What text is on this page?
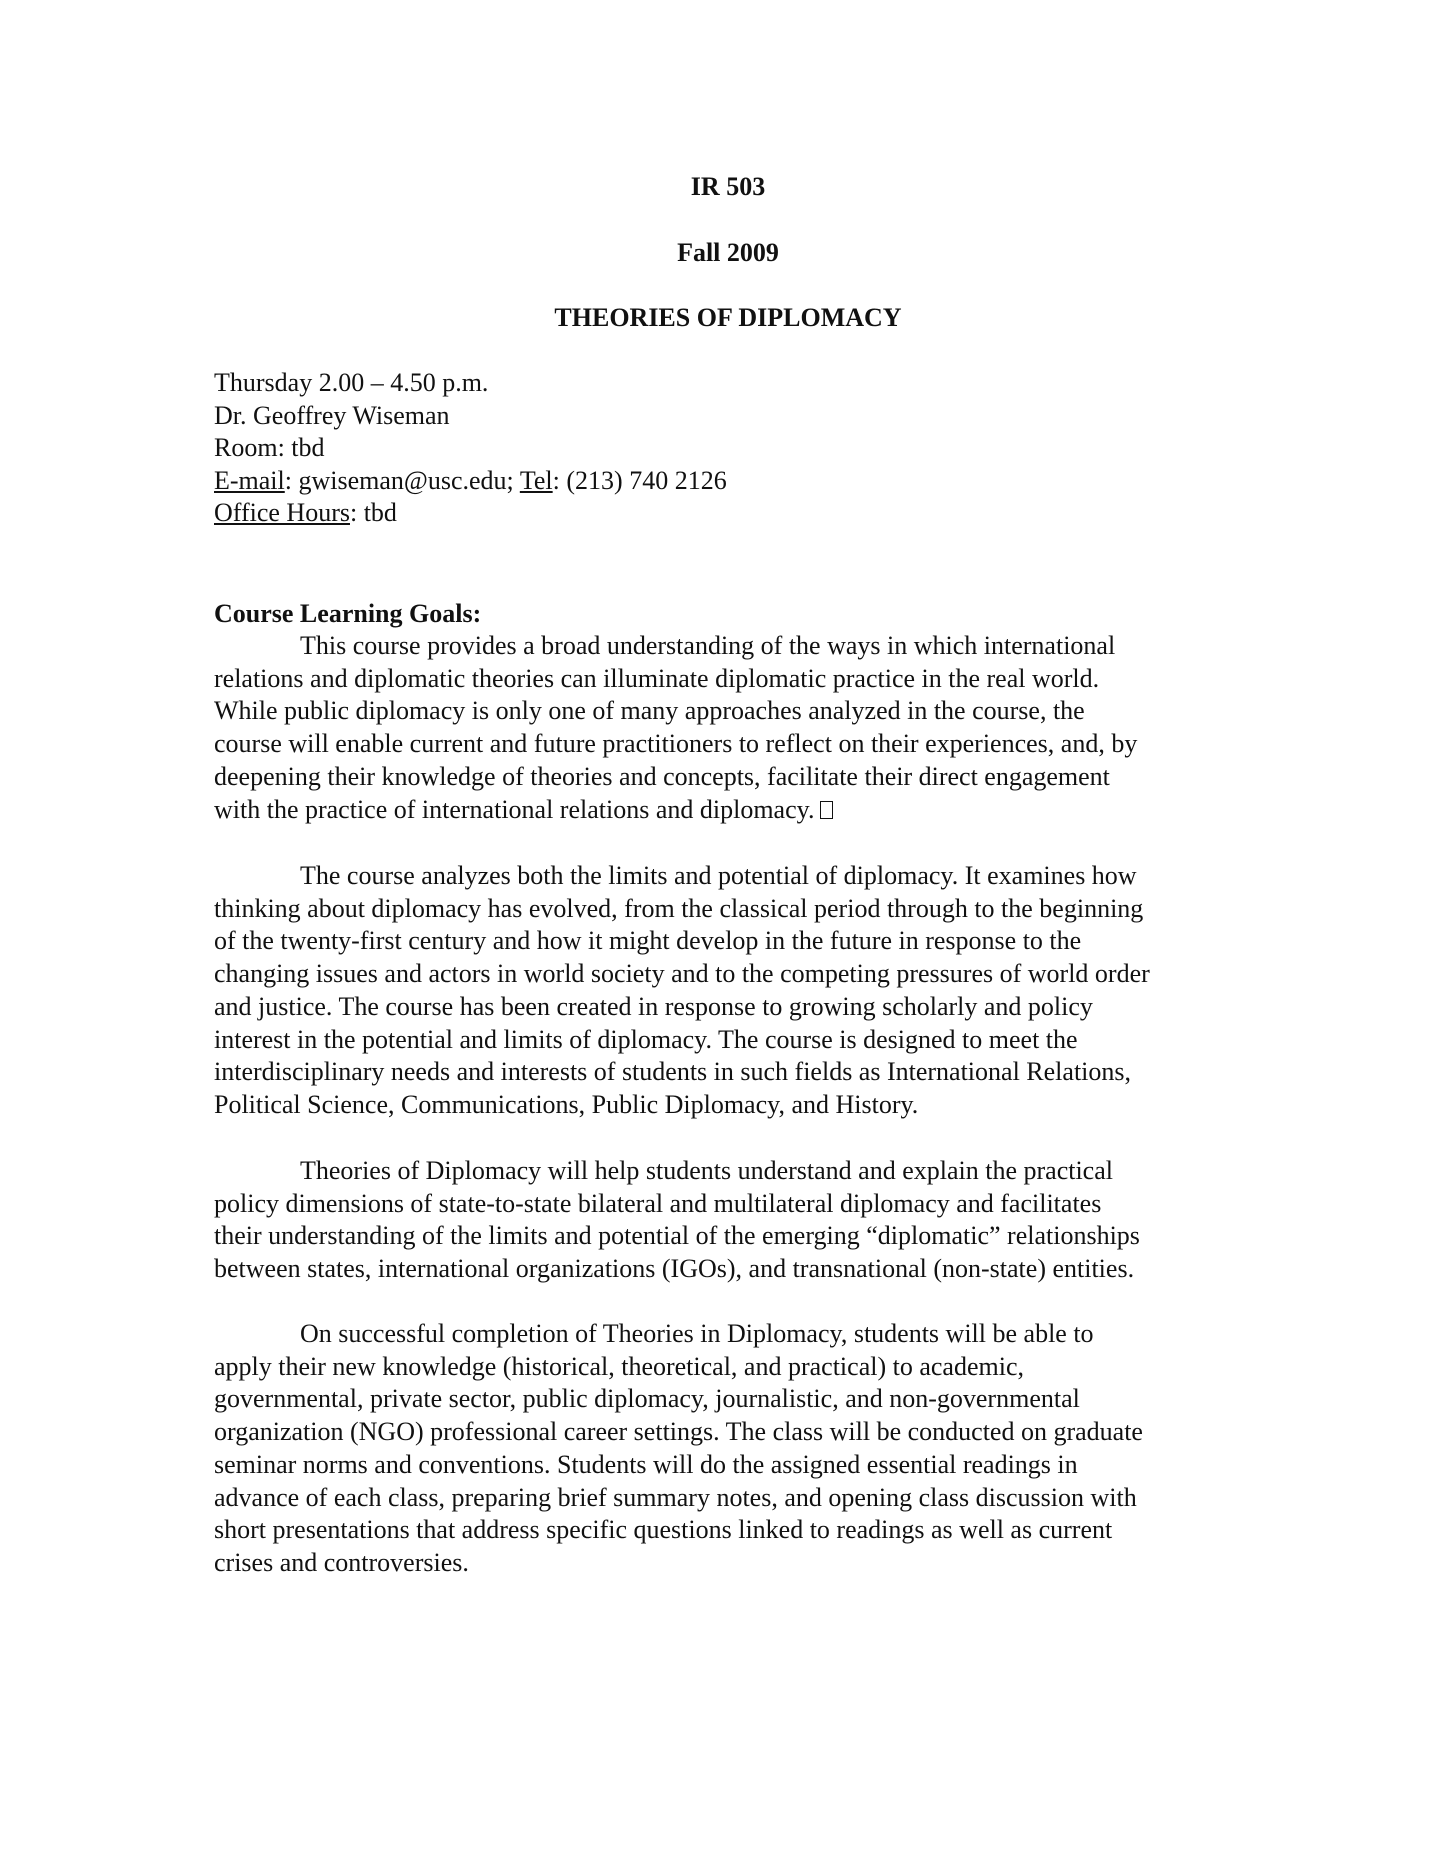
IR 503
Fall 2009
THEORIES OF DIPLOMACY
Thursday 2.00 – 4.50 p.m.
Dr. Geoffrey Wiseman
Room: tbd
E-mail: gwiseman@usc.edu; Tel: (213) 740 2126
Office Hours: tbd
Course Learning Goals:
This course provides a broad understanding of the ways in which international
relations and diplomatic theories can illuminate diplomatic practice in the real world.
While public diplomacy is only one of many approaches analyzed in the course, the
course will enable current and future practitioners to reflect on their experiences, and, by
deepening their knowledge of theories and concepts, facilitate their direct engagement
with the practice of international relations and diplomacy.
The course analyzes both the limits and potential of diplomacy. It examines how
thinking about diplomacy has evolved, from the classical period through to the beginning
of the twenty-first century and how it might develop in the future in response to the
changing issues and actors in world society and to the competing pressures of world order
and justice. The course has been created in response to growing scholarly and policy
interest in the potential and limits of diplomacy. The course is designed to meet the
interdisciplinary needs and interests of students in such fields as International Relations,
Political Science, Communications, Public Diplomacy, and History.
Theories of Diplomacy will help students understand and explain the practical
policy dimensions of state-to-state bilateral and multilateral diplomacy and facilitates
their understanding of the limits and potential of the emerging “diplomatic” relationships
between states, international organizations (IGOs), and transnational (non-state) entities.
On successful completion of Theories in Diplomacy, students will be able to
apply their new knowledge (historical, theoretical, and practical) to academic,
governmental, private sector, public diplomacy, journalistic, and non-governmental
organization (NGO) professional career settings. The class will be conducted on graduate
seminar norms and conventions. Students will do the assigned essential readings in
advance of each class, preparing brief summary notes, and opening class discussion with
short presentations that address specific questions linked to readings as well as current
crises and controversies.
